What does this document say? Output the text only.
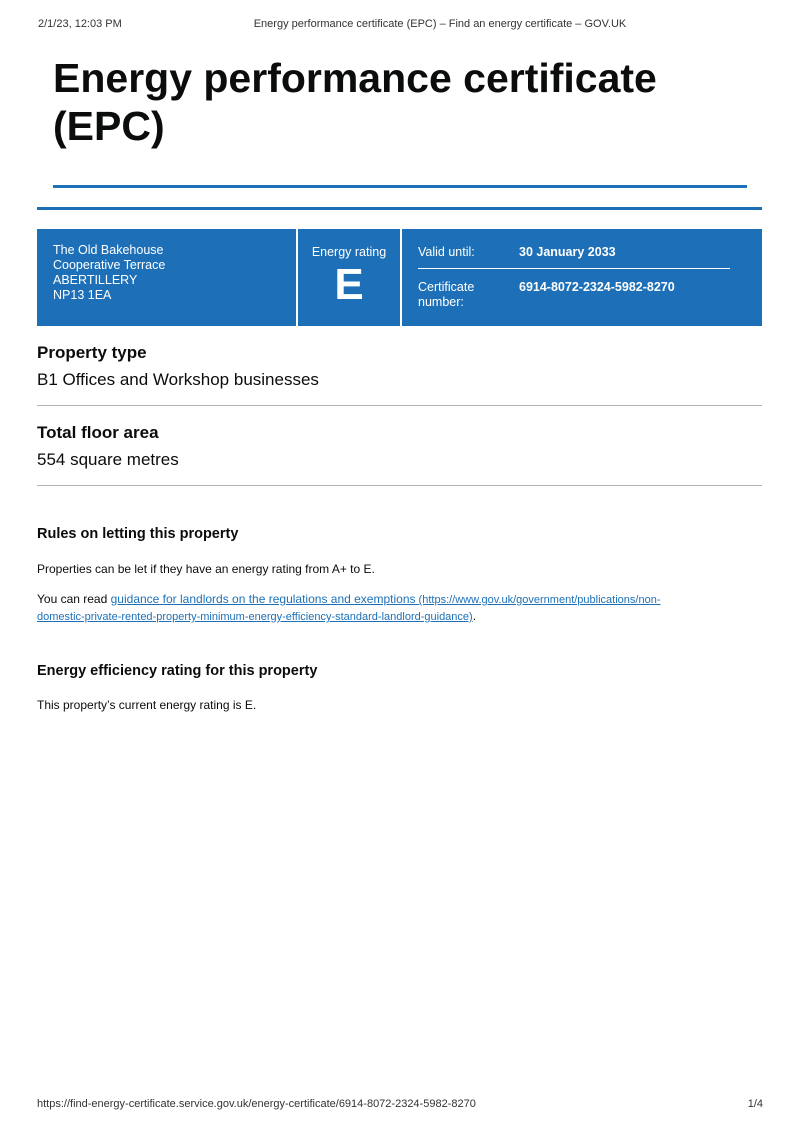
2/1/23, 12:03 PM	Energy performance certificate (EPC) – Find an energy certificate – GOV.UK
Energy performance certificate (EPC)
The Old Bakehouse
Cooperative Terrace
ABERTILLERY
NP13 1EA
Energy rating
E
Valid until:	30 January 2033
Certificate number:
6914-8072-2324-5982-8270
Property type
B1 Offices and Workshop businesses
Total floor area
554 square metres
Rules on letting this property

Properties can be let if they have an energy rating from A+ to E.

You can read guidance for landlords on the regulations and exemptions (https://www.gov.uk/government/publications/non-
domestic-private-rented-property-minimum-energy-efficiency-standard-landlord-guidance).

Energy efficiency rating for this property

This property’s current energy rating is E.

https://find-energy-certificate.service.gov.uk/energy-certificate/6914-8072-2324-5982-8270	1/4
